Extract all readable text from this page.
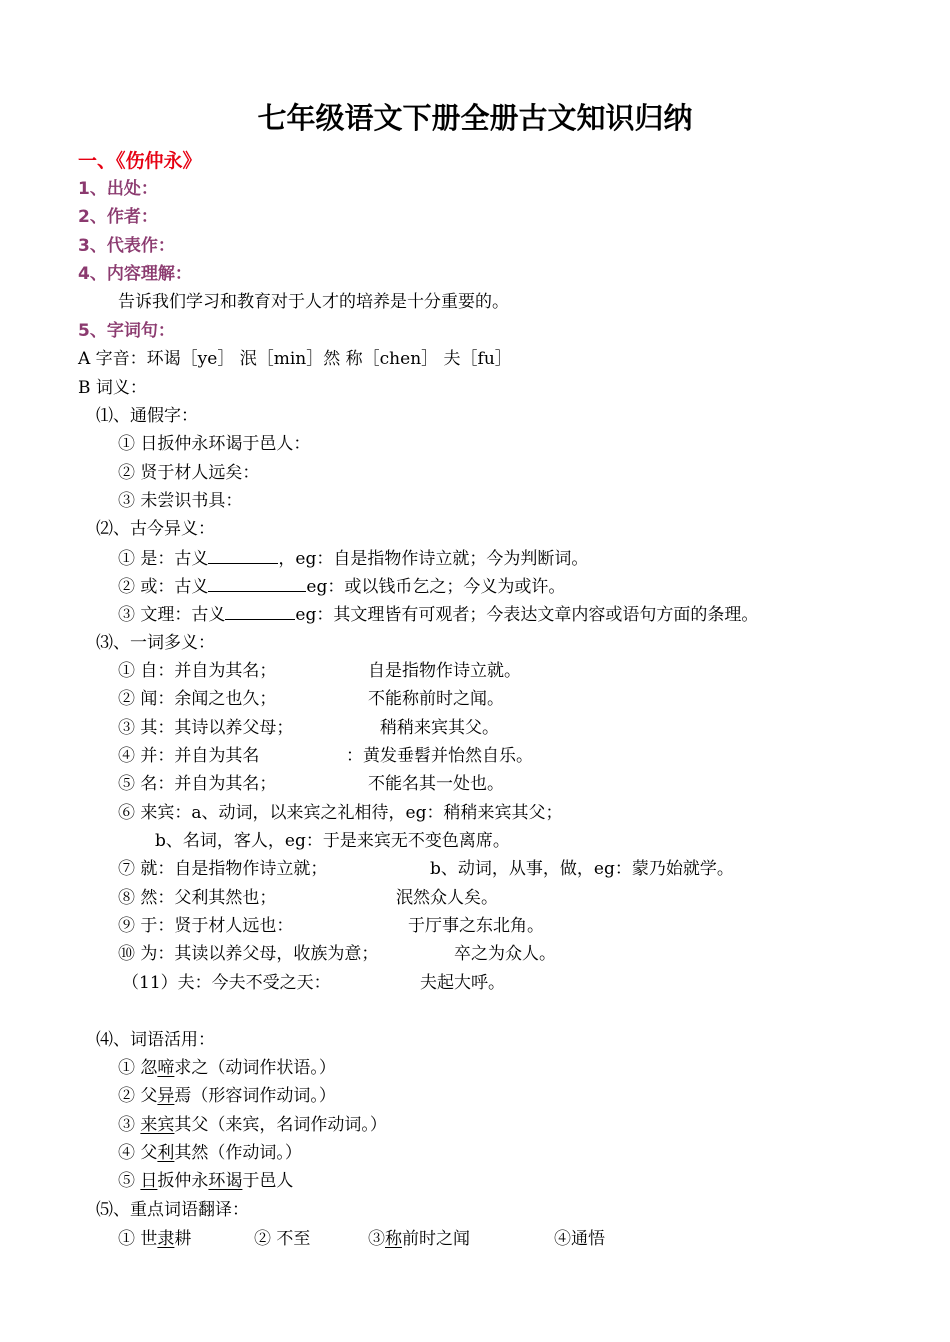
七年级语文下册全册古文知识归纳
一、《伤仲永》
1、出处：
2、作者：
3、代表作：
4、内容理解：
告诉我们学习和教育对于人才的培养是十分重要的。
5、字词句：
A 字音：环谒［ye］ 泯［min］然 称［chen］ 夫［fu］
B 词义：
⑴、通假字：
① 日扳仲永环谒于邑人：
② 贤于材人远矣：
③ 未尝识书具：
⑵、古今异义：
① 是：古义	，eg：自是指物作诗立就；今为判断词。
② 或：古义	eg：或以钱币乞之；今义为或许。
③ 文理：古义	eg：其文理皆有可观者；今表达文章内容或语句方面的条理。
⑶、一词多义：
① 自：并自为其名；	自是指物作诗立就。
② 闻：余闻之也久；	不能称前时之闻。
③ 其：其诗以养父母；	稍稍来宾其父。
④ 并：并自为其名	：黄发垂髫并怡然自乐。
⑤ 名：并自为其名；	不能名其一处也。
⑥ 来宾：a、动词，以来宾之礼相待，eg：稍稍来宾其父；
b、名词，客人，eg：于是来宾无不变色离席。
⑦ 就：自是指物作诗立就；	b、动词，从事，做，eg：蒙乃始就学。
⑧ 然：父利其然也；	泯然众人矣。
⑨ 于：贤于材人远也：	于厅事之东北角。
⑩ 为：其读以养父母，收族为意；	卒之为众人。
（11）夫：今夫不受之天：	夫起大呼。
⑷、词语活用：
① 忽啼求之（动词作状语。）
② 父异焉（形容词作动词。）
③ 来宾其父（来宾，名词作动词。）
④ 父利其然（作动词。）
⑤ 日扳仲永环谒于邑人
⑸、重点词语翻译：
① 世隶耕	② 不至	③称前时之闻	④通悟
